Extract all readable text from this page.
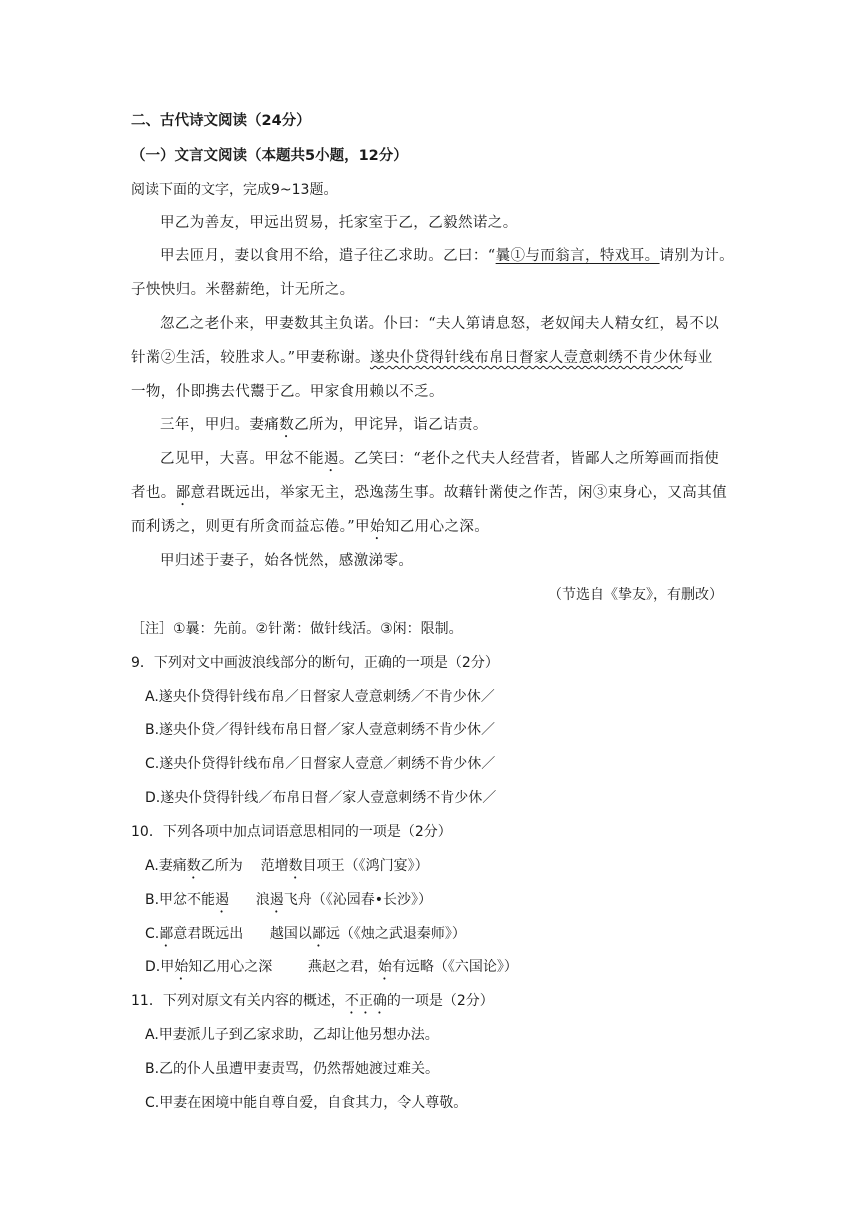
二、古代诗文阅读（24分）
（一）文言文阅读（本题共5小题，12分）
阅读下面的文字，完成9~13题。
甲乙为善友，甲远出贸易，托家室于乙，乙毅然诺之。
甲去匝月，妻以食用不给，遣子往乙求助。乙曰：“曩①与而翁言，特戏耳。请别为计。
子怏怏归。米罄薪绝，计无所之。
忽乙之老仆来，甲妻数其主负诺。仆曰：“夫人第请息怒，老奴闻夫人精女红，曷不以
针黹②生活，较胜求人。”甲妻称谢。遂央仆贷得针线布帛日督家人壹意刺绣不肯少休每业
一物，仆即携去代鬻于乙。甲家食用赖以不乏。
三年，甲归。妻痛数乙所为，甲诧异，诣乙诘责。
乙见甲，大喜。甲忿不能遏。乙笑曰：“老仆之代夫人经营者，皆鄙人之所筹画而指使
者也。鄙意君既远出，举家无主，恐逸荡生事。故藉针黹使之作苦，闲③束身心，又高其值
而利诱之，则更有所贪而益忘倦。”甲始知乙用心之深。
甲归述于妻子，始各恍然，感激涕零。
（节选自《挚友》，有删改）
［注］①曩：先前。②针黹：做针线活。③闲：限制。
9．下列对文中画波浪线部分的断句，正确的一项是（2分）
A.遂央仆贷得针线布帛／日督家人壹意刺绣／不肯少休／
B.遂央仆贷／得针线布帛日督／家人壹意刺绣不肯少休／
C.遂央仆贷得针线布帛／日督家人壹意／刺绣不肯少休／
D.遂央仆贷得针线／布帛日督／家人壹意刺绣不肯少休／
10．下列各项中加点词语意思相同的一项是（2分）
A.妻痛数乙所为    范增数目项王（《鸿门宴》）
B.甲忿不能遏      浪遏飞舟（《沁园春•长沙》）
C.鄙意君既远出      越国以鄙远（《烛之武退秦师》）
D.甲始知乙用心之深        燕赵之君，始有远略（《六国论》）
11．下列对原文有关内容的概述，不正确的一项是（2分）
A.甲妻派儿子到乙家求助，乙却让他另想办法。
B.乙的仆人虽遭甲妻责骂，仍然帮她渡过难关。
C.甲妻在困境中能自尊自爱，自食其力，令人尊敬。
